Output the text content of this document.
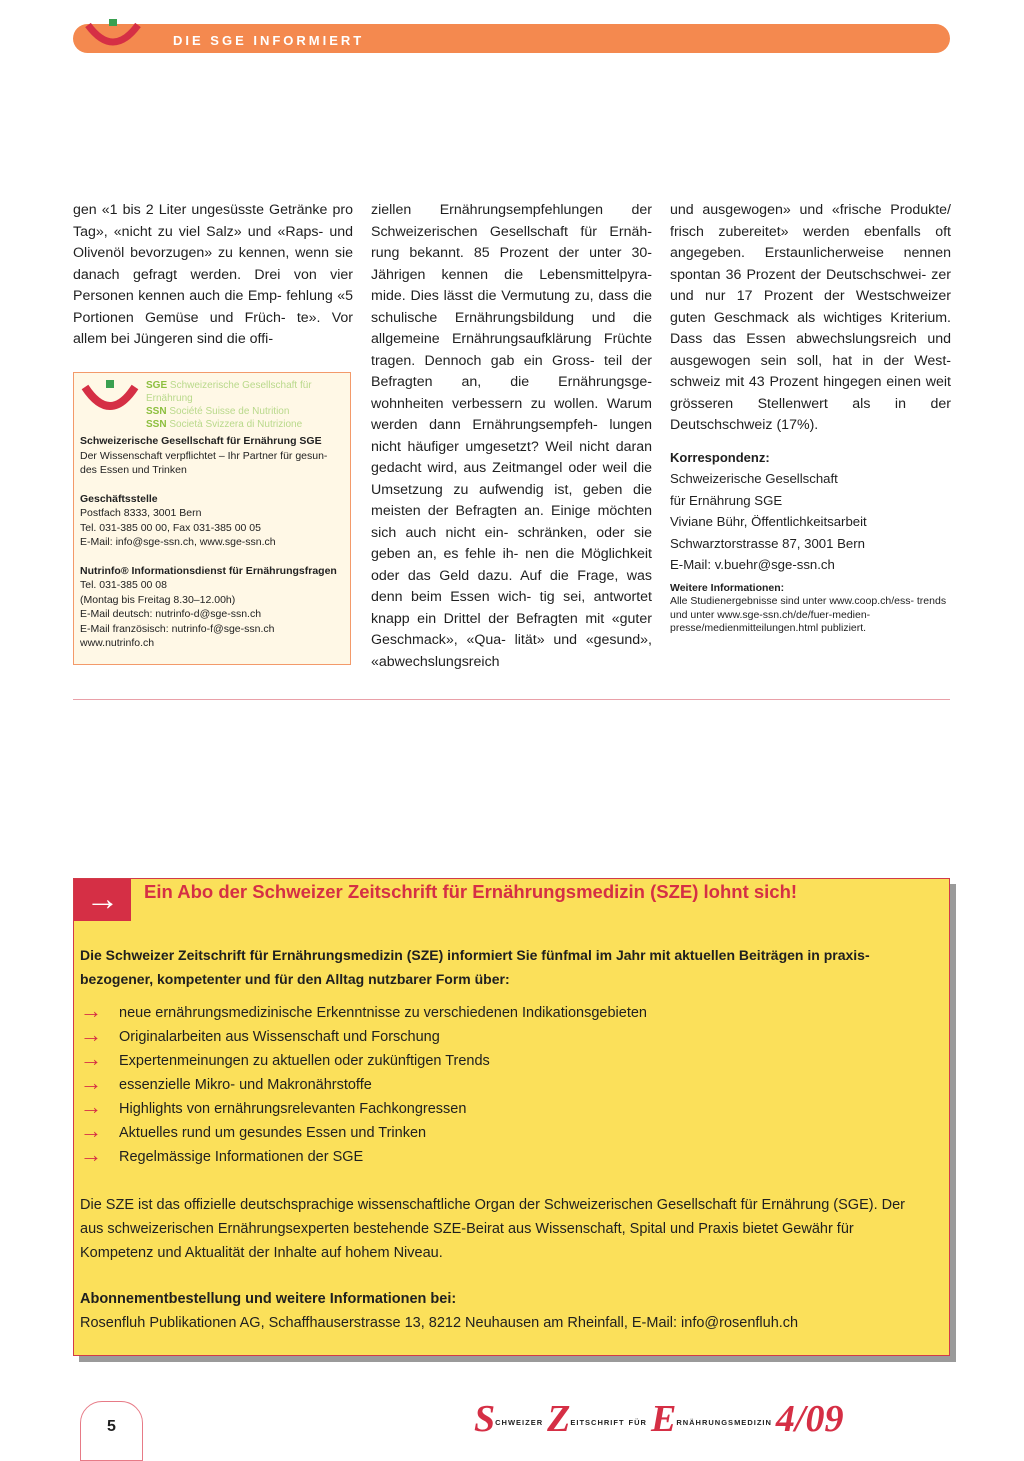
DIE SGE INFORMIERT

gen «1 bis 2 Liter ungesüsste Getränke pro Tag», «nicht zu viel Salz» und «Raps- und Olivenöl bevorzugen» zu kennen, wenn sie danach gefragt werden. Drei von vier Personen kennen auch die Emp- fehlung «5 Portionen Gemüse und Früch- te». Vor allem bei Jüngeren sind die offi-

SGE Schweizerische Gesellschaft für Ernährung
SSN Société Suisse de Nutrition
SSN Società Svizzera di Nutrizione
Schweizerische Gesellschaft für Ernährung SGE
Der Wissenschaft verpflichtet – Ihr Partner für gesun- des Essen und Trinken
Geschäftsstelle
Postfach 8333, 3001 Bern
Tel. 031-385 00 00, Fax 031-385 00 05
E-Mail: info@sge-ssn.ch, www.sge-ssn.ch
Nutrinfo® Informationsdienst für Ernährungsfragen
Tel. 031-385 00 08
(Montag bis Freitag 8.30–12.00h)
E-Mail deutsch: nutrinfo-d@sge-ssn.ch
E-Mail französisch: nutrinfo-f@sge-ssn.ch
www.nutrinfo.ch

ziellen Ernährungsempfehlungen der Schweizerischen Gesellschaft für Ernäh- rung bekannt. 85 Prozent der unter 30- Jährigen kennen die Lebensmittelpyra- mide. Dies lässt die Vermutung zu, dass die schulische Ernährungsbildung und die allgemeine Ernährungsaufklärung Früchte tragen. Dennoch gab ein Gross- teil der Befragten an, die Ernährungsge- wohnheiten verbessern zu wollen. Warum werden dann Ernährungsempfeh- lungen nicht häufiger umgesetzt? Weil nicht daran gedacht wird, aus Zeitmangel oder weil die Umsetzung zu aufwendig ist, geben die meisten der Befragten an. Einige möchten sich auch nicht ein- schränken, oder sie geben an, es fehle ih- nen die Möglichkeit oder das Geld dazu. Auf die Frage, was denn beim Essen wich- tig sei, antwortet knapp ein Drittel der Befragten mit «guter Geschmack», «Qua- lität» und «gesund», «abwechslungsreich

und ausgewogen» und «frische Produkte/ frisch zubereitet» werden ebenfalls oft angegeben. Erstaunlicherweise nennen spontan 36 Prozent der Deutschschwei- zer und nur 17 Prozent der Westschweizer guten Geschmack als wichtiges Kriterium. Dass das Essen abwechslungsreich und ausgewogen sein soll, hat in der West- schweiz mit 43 Prozent hingegen einen weit grösseren Stellenwert als in der Deutschschweiz (17%).

Korrespondenz:
Schweizerische Gesellschaft
für Ernährung SGE
Viviane Bühr, Öffentlichkeitsarbeit
Schwarztorstrasse 87, 3001 Bern
E-Mail: v.buehr@sge-ssn.ch
Weitere Informationen:
Alle Studienergebnisse sind unter www.coop.ch/ess- trends und unter www.sge-ssn.ch/de/fuer-medien- presse/medienmitteilungen.html publiziert.
→	Ein Abo der Schweizer Zeitschrift für Ernährungsmedizin (SZE) lohnt sich!
Die Schweizer Zeitschrift für Ernährungsmedizin (SZE) informiert Sie fünfmal im Jahr mit aktuellen Beiträgen in praxis- bezogener, kompetenter und für den Alltag nutzbarer Form über:
→ neue ernährungsmedizinische Erkenntnisse zu verschiedenen Indikationsgebieten
→ Originalarbeiten aus Wissenschaft und Forschung
→ Expertenmeinungen zu aktuellen oder zukünftigen Trends
→ essenzielle Mikro- und Makronährstoffe
→ Highlights von ernährungsrelevanten Fachkongressen
→ Aktuelles rund um gesundes Essen und Trinken
→ Regelmässige Informationen der SGE
Die SZE ist das offizielle deutschsprachige wissenschaftliche Organ der Schweizerischen Gesellschaft für Ernährung (SGE). Der aus schweizerischen Ernährungsexperten bestehende SZE-Beirat aus Wissenschaft, Spital und Praxis bietet Gewähr für Kompetenz und Aktualität der Inhalte auf hohem Niveau.
Abonnementbestellung und weitere Informationen bei:
Rosenfluh Publikationen AG, Schaffhauserstrasse 13, 8212 Neuhausen am Rheinfall, E-Mail: info@rosenfluh.ch
5	$S^{CHWEIZER}$ $Z^{EITSCHRIFT}$ $^{FÜR}$ $E^{RNÄHRUNGSMEDIZIN}$ 4/09
